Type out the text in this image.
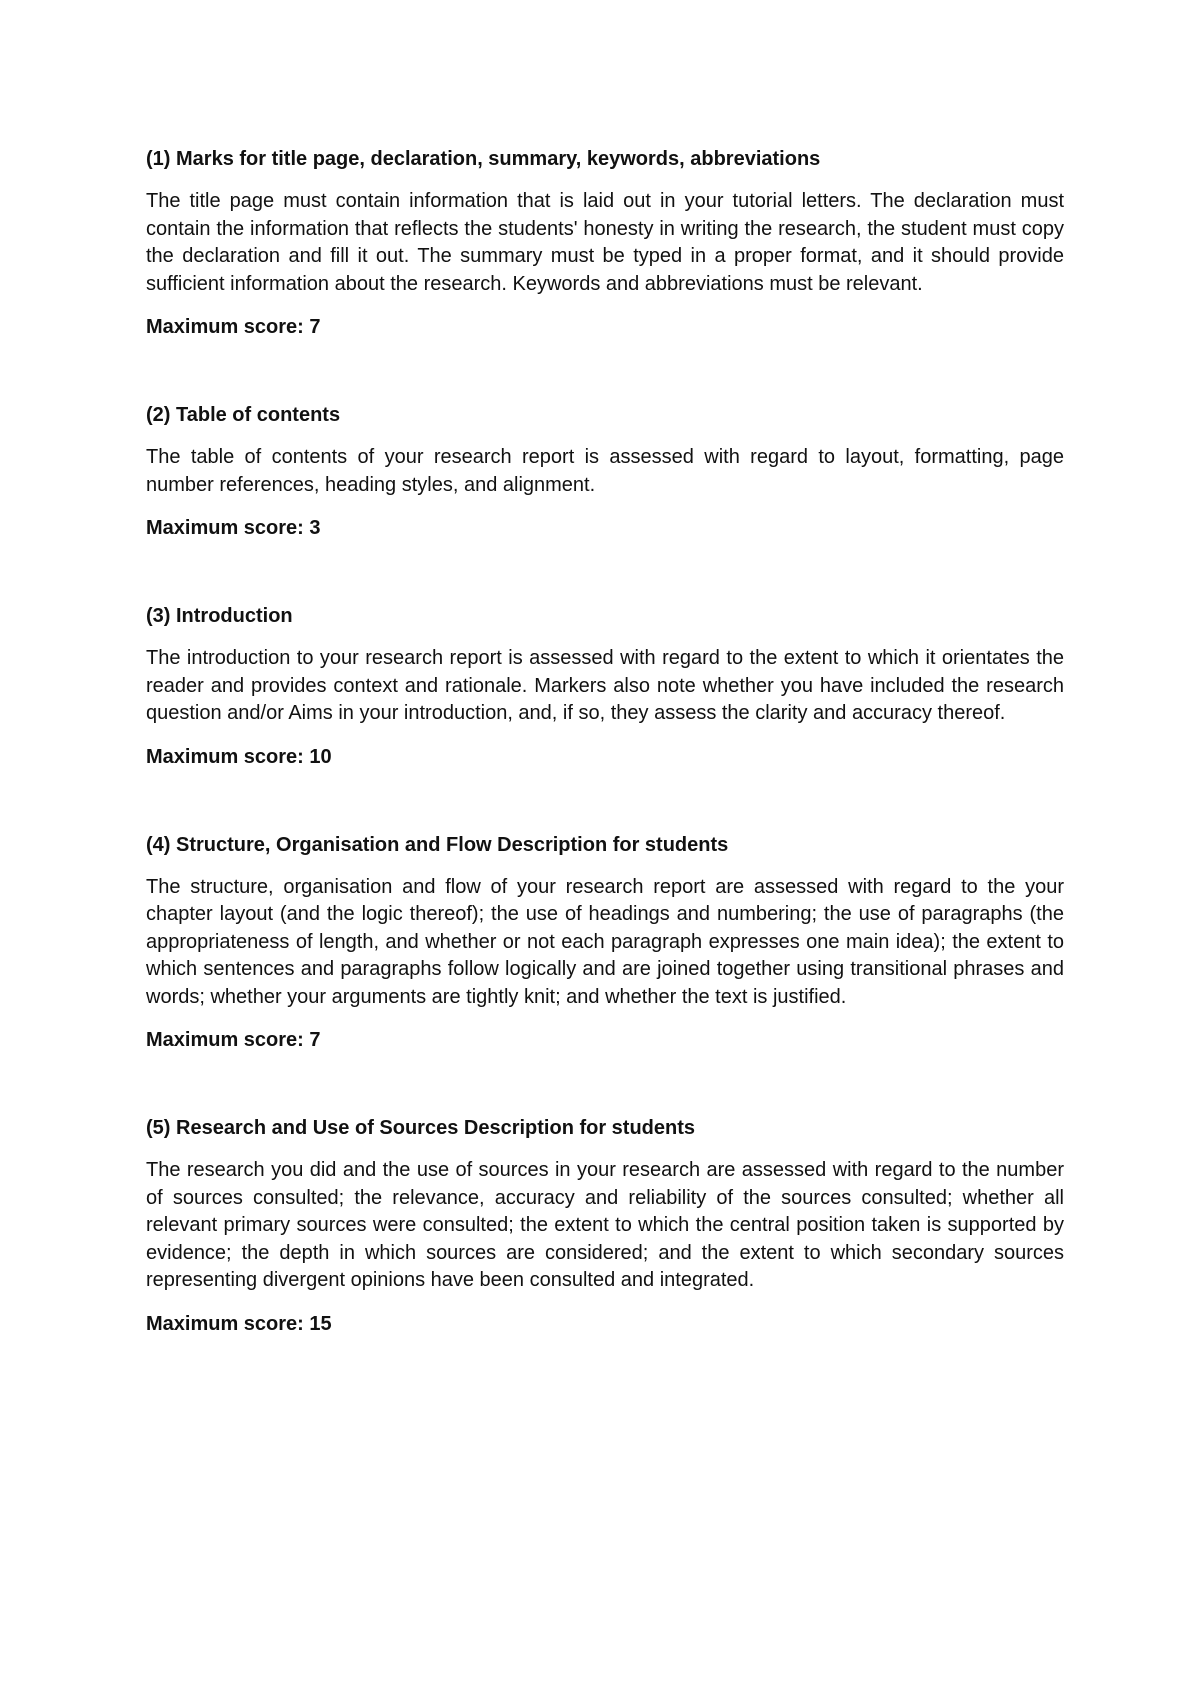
(1) Marks for title page, declaration, summary, keywords, abbreviations

The title page must contain information that is laid out in your tutorial letters. The declaration must contain the information that reflects the students' honesty in writing the research, the student must copy the declaration and fill it out. The summary must be typed in a proper format, and it should provide sufficient information about the research. Keywords and abbreviations must be relevant.

Maximum score: 7

(2) Table of contents

The table of contents of your research report is assessed with regard to layout, formatting, page number references, heading styles, and alignment.

Maximum score: 3

(3) Introduction

The introduction to your research report is assessed with regard to the extent to which it orientates the reader and provides context and rationale. Markers also note whether you have included the research question and/or Aims in your introduction, and, if so, they assess the clarity and accuracy thereof.

Maximum score: 10

(4) Structure, Organisation and Flow Description for students

The structure, organisation and flow of your research report are assessed with regard to the your chapter layout (and the logic thereof); the use of headings and numbering; the use of paragraphs (the appropriateness of length, and whether or not each paragraph expresses one main idea); the extent to which sentences and paragraphs follow logically and are joined together using transitional phrases and words; whether your arguments are tightly knit; and whether the text is justified.

Maximum score: 7

(5) Research and Use of Sources Description for students

The research you did and the use of sources in your research are assessed with regard to the number of sources consulted; the relevance, accuracy and reliability of the sources consulted; whether all relevant primary sources were consulted; the extent to which the central position taken is supported by evidence; the depth in which sources are considered; and the extent to which secondary sources representing divergent opinions have been consulted and integrated.

Maximum score: 15
